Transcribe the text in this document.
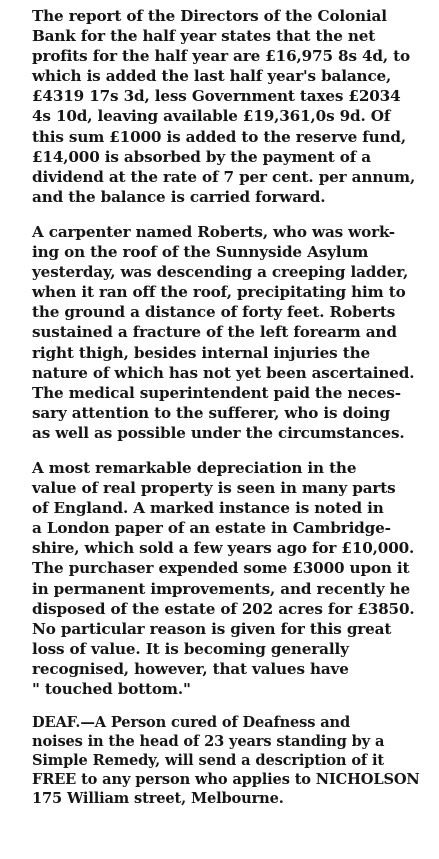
The report of the Directors of the Colonial
Bank for the half year states that the net
profits for the half year are £16,975 8s 4d, to
which is added the last half year's balance,
£4319 17s 3d, less Government taxes £2034
4s 10d, leaving available £19,361,0s 9d. Of
this sum £1000 is added to the reserve fund,
£14,000 is absorbed by the payment of a
dividend at the rate of 7 per cent. per annum,
and the balance is carried forward.

A carpenter named Roberts, who was work-
ing on the roof of the Sunnyside Asylum
yesterday, was descending a creeping ladder,
when it ran off the roof, precipitating him to
the ground a distance of forty feet. Roberts
sustained a fracture of the left forearm and
right thigh, besides internal injuries the
nature of which has not yet been ascertained.
The medical superintendent paid the neces-
sary attention to the sufferer, who is doing
as well as possible under the circumstances.

A most remarkable depreciation in the
value of real property is seen in many parts
of England. A marked instance is noted in
a London paper of an estate in Cambridge-
shire, which sold a few years ago for £10,000.
The purchaser expended some £3000 upon it
in permanent improvements, and recently he
disposed of the estate of 202 acres for £3850.
No particular reason is given for this great
loss of value. It is becoming generally
recognised, however, that values have
" touched bottom."

DEAF.—A Person cured of Deafness and
noises in the head of 23 years standing by a
Simple Remedy, will send a description of it
FREE to any person who applies to NICHOLSON
175 William street, Melbourne.
